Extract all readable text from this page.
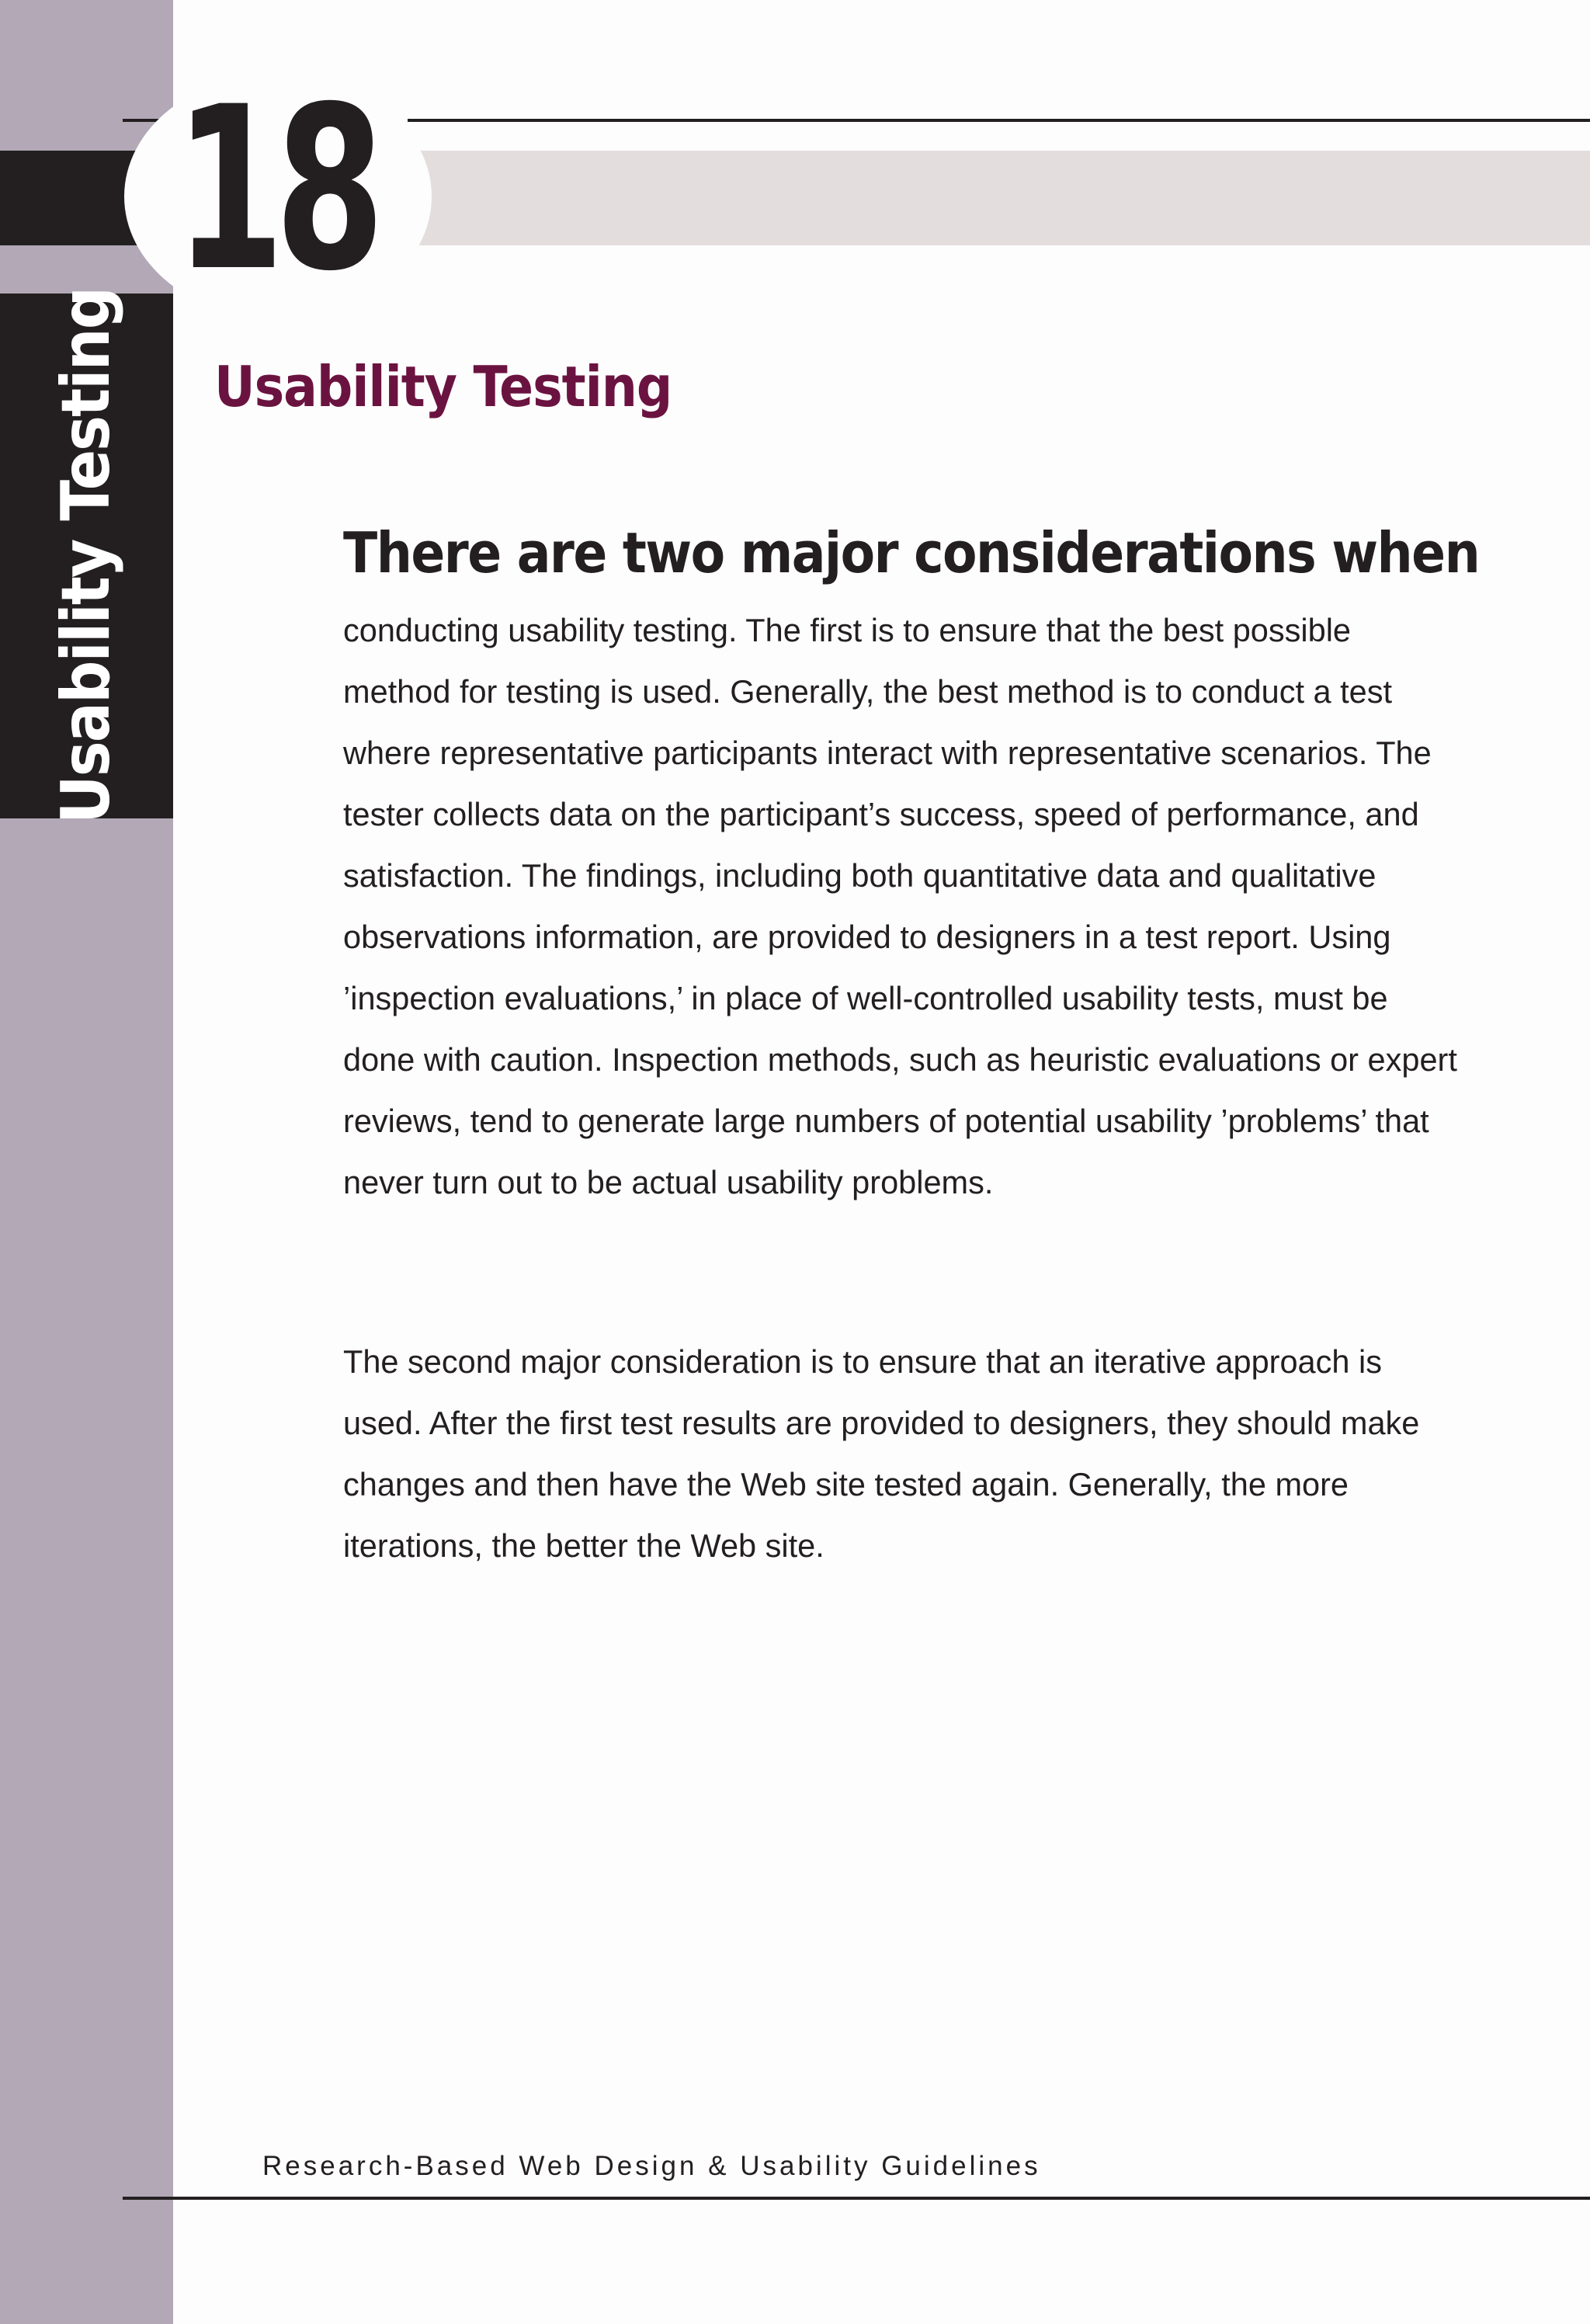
Usability Testing
18
Usability Testing
There are two major considerations when

conducting usability testing. The first is to ensure that the best possible method for testing is used. Generally, the best method is to conduct a test where representative participants interact with representative scenarios. The tester collects data on the participant’s success, speed of performance, and satisfaction. The findings, including both quantitative data and qualitative observations information, are provided to designers in a test report. Using ’inspection evaluations,’ in place of well-controlled usability tests, must be done with caution. Inspection methods, such as heuristic evaluations or expert reviews, tend to generate large numbers of potential usability ’problems’ that never turn out to be actual usability problems.

The second major consideration is to ensure that an iterative approach is used. After the first test results are provided to designers, they should make changes and then have the Web site tested again. Generally, the more iterations, the better the Web site.

Research-Based Web Design & Usability Guidelines
